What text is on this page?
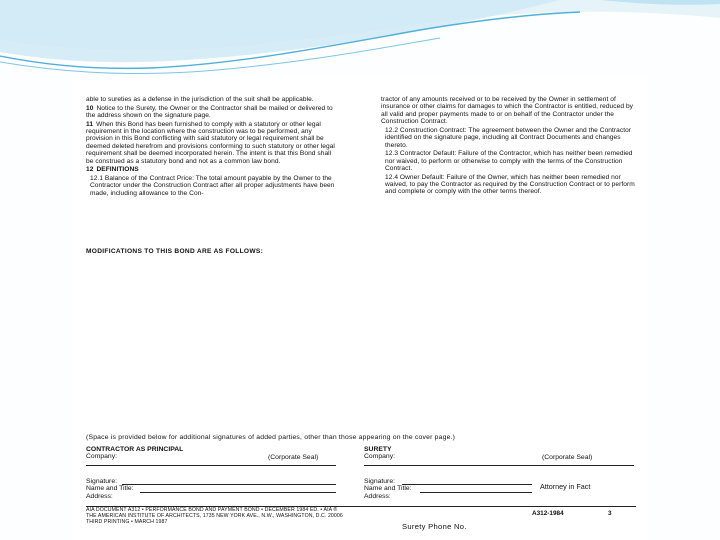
able to sureties as a defense in the jurisdiction of the suit shall be applicable.

10 Notice to the Surety, the Owner or the Contractor shall be mailed or delivered to the address shown on the signature page.

11 When this Bond has been furnished to comply with a statutory or other legal requirement in the location where the construction was to be performed, any provision in this Bond conflicting with said statutory or legal requirement shall be deemed deleted herefrom and provisions conforming to such statutory or other legal requirement shall be deemed incorporated herein. The intent is that this Bond shall be construed as a statutory bond and not as a common law bond.

12 DEFINITIONS

12.1 Balance of the Contract Price: The total amount payable by the Owner to the Contractor under the Construction Contract after all proper adjustments have been made, including allowance to the Con-

tractor of any amounts received or to be received by the Owner in settlement of insurance or other claims for damages to which the Contractor is entitled, reduced by all valid and proper payments made to or on behalf of the Contractor under the Construction Contract.

12.2 Construction Contract: The agreement between the Owner and the Contractor identified on the signature page, including all Contract Documents and changes thereto.

12.3 Contractor Default: Failure of the Contractor, which has neither been remedied nor waived, to perform or otherwise to comply with the terms of the Construction Contract.

12.4 Owner Default: Failure of the Owner, which has neither been remedied nor waived, to pay the Contractor as required by the Construction Contract or to perform and complete or comply with the other terms thereof.

MODIFICATIONS TO THIS BOND ARE AS FOLLOWS:
(Space is provided below for additional signatures of added parties, other than those appearing on the cover page.)
CONTRACTOR AS PRINCIPAL
Company:	(Corporate Seal)
Signature:
Name and Title:
Address:
SURETY
Company:	(Corporate Seal)
Signature:
Name and Title:
Address:
Attorney in Fact
AIA DOCUMENT A312 • PERFORMANCE BOND AND PAYMENT BOND • DECEMBER 1984 ED. • AIA ®
THE AMERICAN INSTITUTE OF ARCHITECTS, 1735 NEW YORK AVE., N.W., WASHINGTON, D.C. 20006
THIRD PRINTING • MARCH 1987
A312-1984	3
Surety Phone No.
